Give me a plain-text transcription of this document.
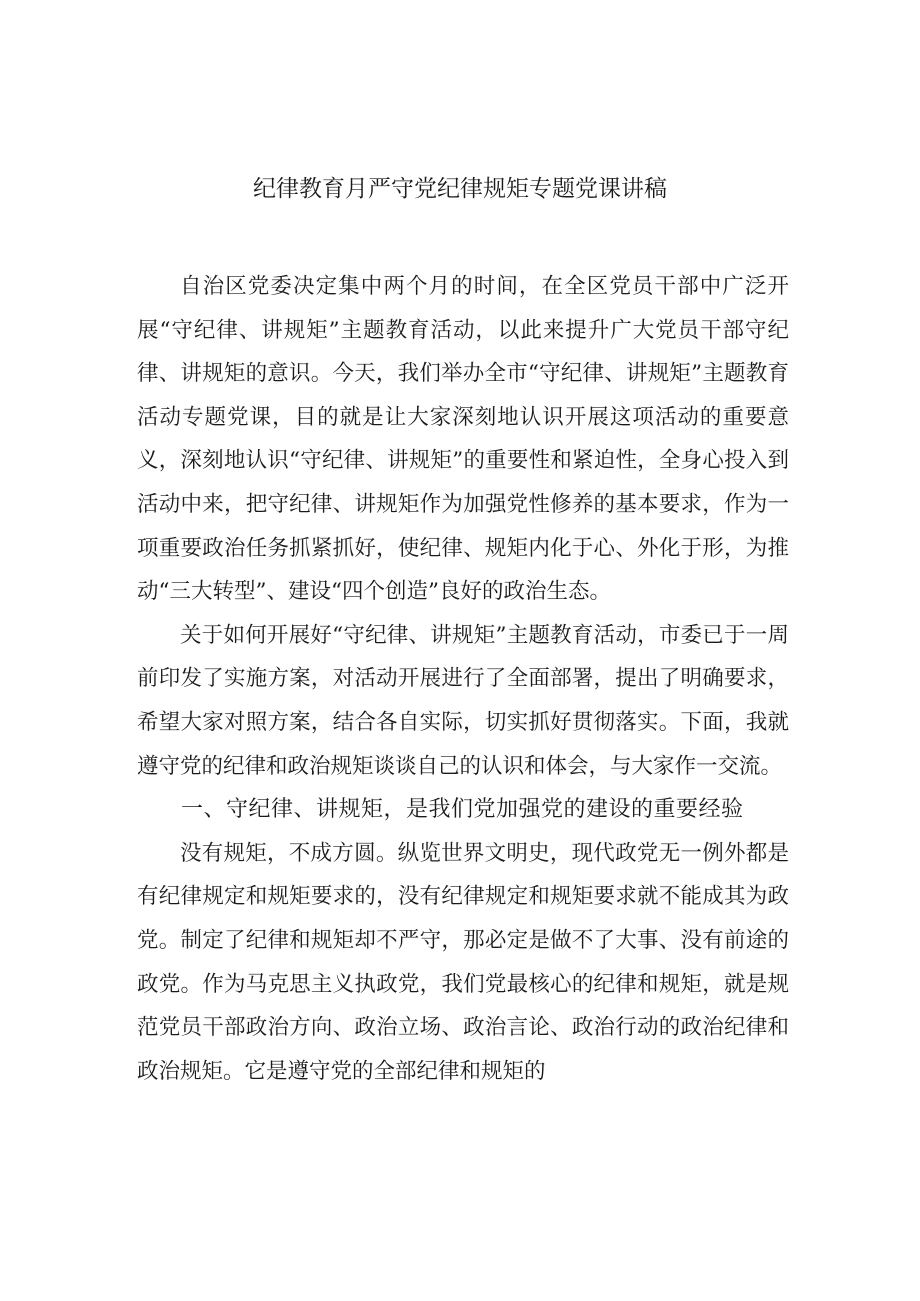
纪律教育月严守党纪律规矩专题党课讲稿

自治区党委决定集中两个月的时间，在全区党员干部中广泛开展“守纪律、讲规矩”主题教育活动，以此来提升广大党员干部守纪律、讲规矩的意识。今天，我们举办全市“守纪律、讲规矩”主题教育活动专题党课，目的就是让大家深刻地认识开展这项活动的重要意义，深刻地认识“守纪律、讲规矩”的重要性和紧迫性，全身心投入到活动中来，把守纪律、讲规矩作为加强党性修养的基本要求，作为一项重要政治任务抓紧抓好，使纪律、规矩内化于心、外化于形，为推动“三大转型”、建设“四个创造”良好的政治生态。

关于如何开展好“守纪律、讲规矩”主题教育活动，市委已于一周前印发了实施方案，对活动开展进行了全面部署，提出了明确要求，希望大家对照方案，结合各自实际，切实抓好贯彻落实。下面，我就遵守党的纪律和政治规矩谈谈自己的认识和体会，与大家作一交流。

一、守纪律、讲规矩，是我们党加强党的建设的重要经验

没有规矩，不成方圆。纵览世界文明史，现代政党无一例外都是有纪律规定和规矩要求的，没有纪律规定和规矩要求就不能成其为政党。制定了纪律和规矩却不严守，那必定是做不了大事、没有前途的政党。作为马克思主义执政党，我们党最核心的纪律和规矩，就是规范党员干部政治方向、政治立场、政治言论、政治行动的政治纪律和政治规矩。它是遵守党的全部纪律和规矩的
